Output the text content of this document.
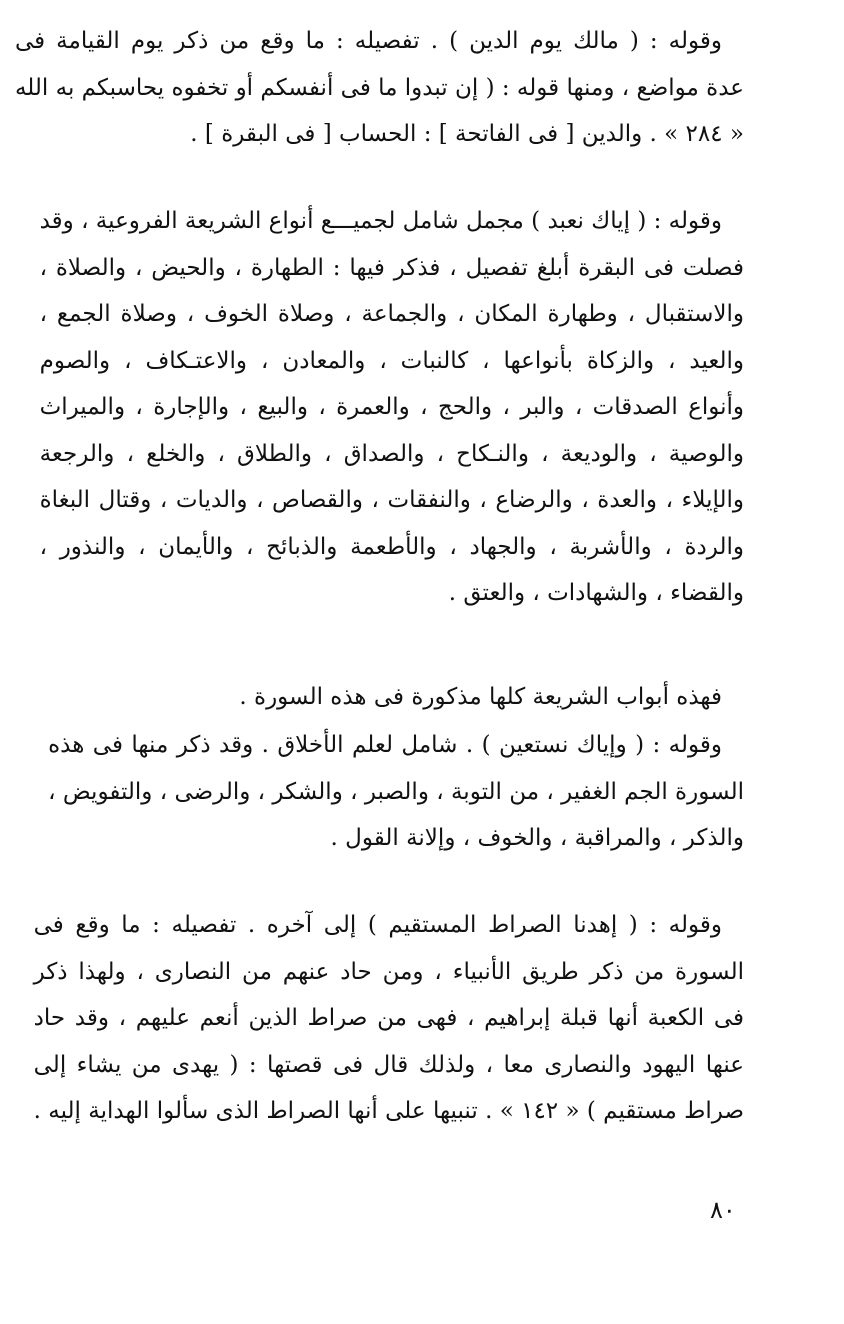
وقوله : ( مالك يوم الدين ) . تفصيله : ما وقع من ذكر يوم القيامة فى
عدة مواضع ، ومنها قوله : ( إن تبدوا ما فى أنفسكم أو تخفوه يحاسبكم به الله
« ٢٨٤ » . والدين [ فى الفاتحة ] : الحساب [ فى البقرة ] .

وقوله : ( إياك نعبد ) مجمل شامل لجميـــع أنواع الشريعة الفروعية ، وقد
فصلت فى البقرة أبلغ تفصيل ، فذكر فيها : الطهارة ، والحيض ، والصلاة ،
والاستقبال ، وطهارة المكان ، والجماعة ، وصلاة الخوف ، وصلاة الجمع ،
والعيد ، والزكاة بأنواعها ، كالنبات ، والمعادن ، والاعتـكاف ، والصوم
وأنواع الصدقات ، والبر ، والحج ، والعمرة ، والبيع ، والإجارة ، والميراث
والوصية ، والوديعة ، والنـكاح ، والصداق ، والطلاق ، والخلع ، والرجعة
والإيلاء ، والعدة ، والرضاع ، والنفقات ، والقصاص ، والديات ، وقتال البغاة
والردة ، والأشربة ، والجهاد ، والأطعمة والذبائح ، والأيمان ، والنذور ،
والقضاء ، والشهادات ، والعتق .

فهذه أبواب الشريعة كلها مذكورة فى هذه السورة .

وقوله : ( وإياك نستعين ) . شامل لعلم الأخلاق . وقد ذكر منها فى هذه
السورة الجم الغفير ، من التوبة ، والصبر ، والشكر ، والرضى ، والتفويض ،
والذكر ، والمراقبة ، والخوف ، وإلانة القول .

وقوله : ( إهدنا الصراط المستقيم ) إلى آخره . تفصيله : ما وقع فى
السورة من ذكر طريق الأنبياء ، ومن حاد عنهم من النصارى ، ولهذا ذكر
فى الكعبة أنها قبلة إبراهيم ، فهى من صراط الذين أنعم عليهم ، وقد حاد
عنها اليهود والنصارى معا ، ولذلك قال فى قصتها : ( يهدى من يشاء إلى
صراط مستقيم ) « ١٤٢ » . تنبيها على أنها الصراط الذى سألوا الهداية إليه .

٨٠
